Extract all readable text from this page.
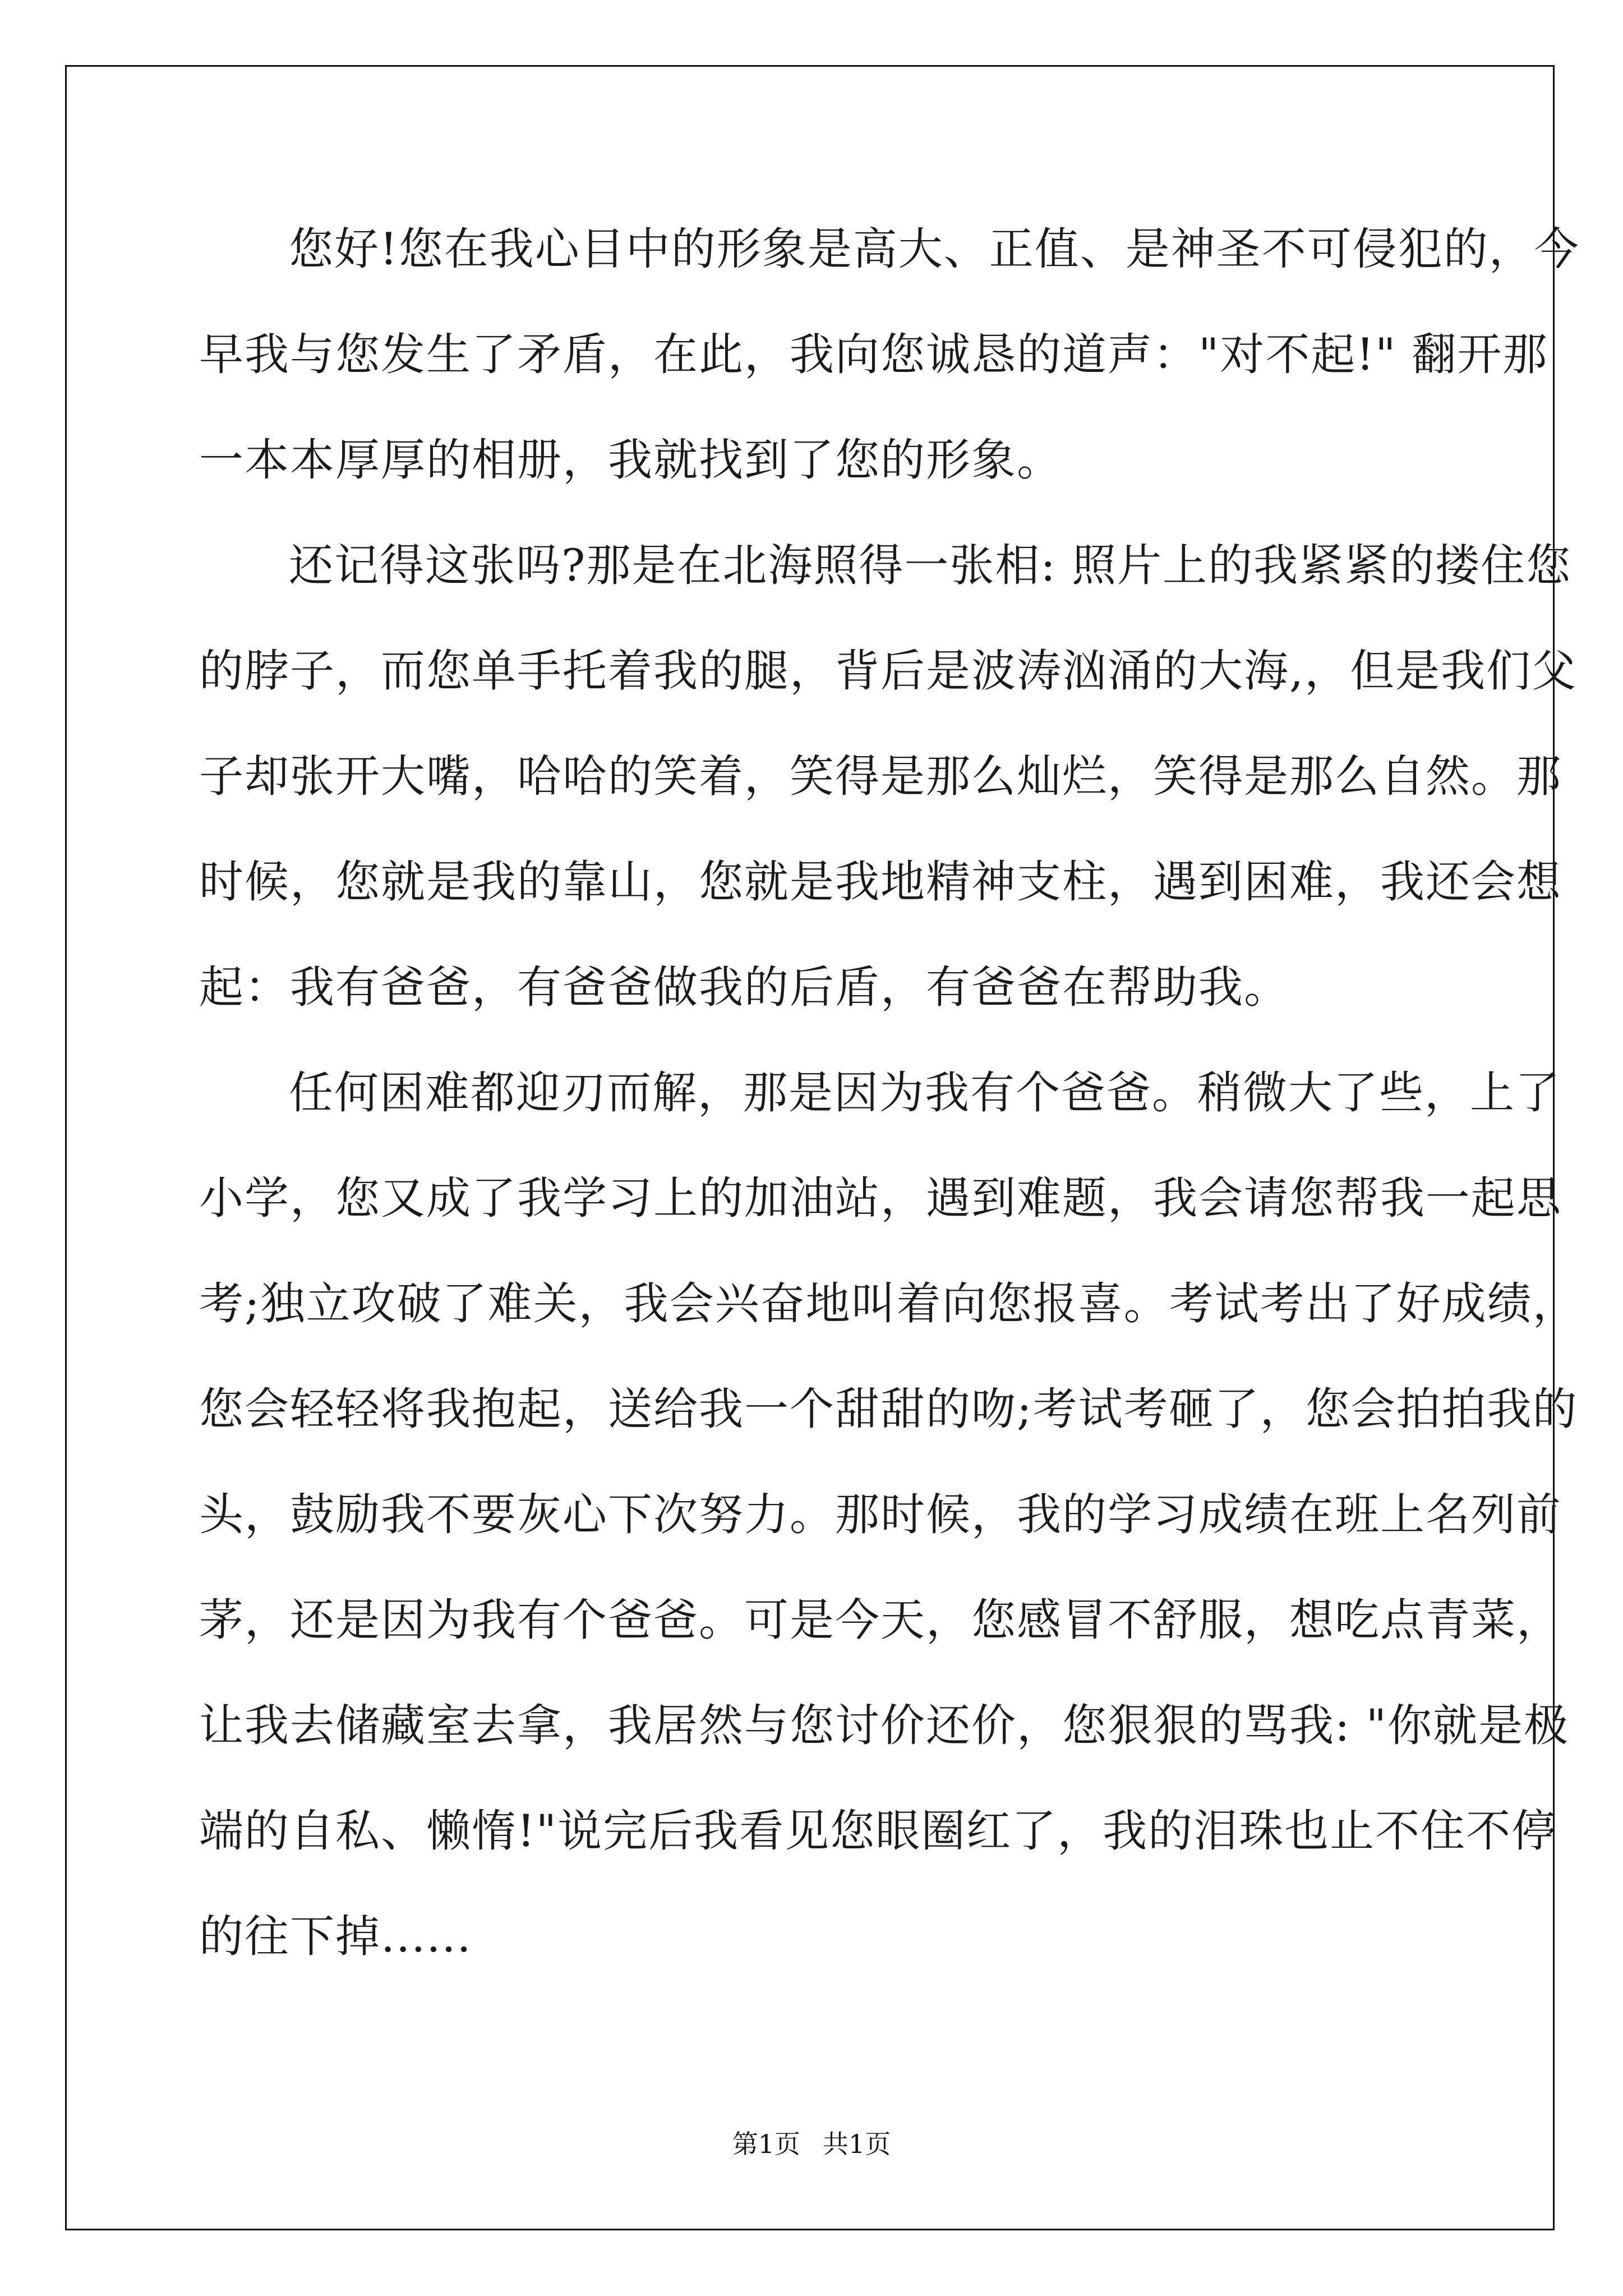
您好!您在我心目中的形象是高大、正值、是神圣不可侵犯的，今
早我与您发生了矛盾，在此，我向您诚恳的道声："对不起!" 翻开那
一本本厚厚的相册，我就找到了您的形象。

还记得这张吗?那是在北海照得一张相: 照片上的我紧紧的搂住您
的脖子，而您单手托着我的腿，背后是波涛汹涌的大海,，但是我们父
子却张开大嘴，哈哈的笑着，笑得是那么灿烂，笑得是那么自然。那
时候，您就是我的靠山，您就是我地精神支柱，遇到困难，我还会想
起：我有爸爸，有爸爸做我的后盾，有爸爸在帮助我。

任何困难都迎刃而解，那是因为我有个爸爸。稍微大了些，上了
小学，您又成了我学习上的加油站，遇到难题，我会请您帮我一起思
考;独立攻破了难关，我会兴奋地叫着向您报喜。考试考出了好成绩，
您会轻轻将我抱起，送给我一个甜甜的吻;考试考砸了，您会拍拍我的
头，鼓励我不要灰心下次努力。那时候，我的学习成绩在班上名列前
茅，还是因为我有个爸爸。可是今天，您感冒不舒服，想吃点青菜，
让我去储藏室去拿，我居然与您讨价还价，您狠狠的骂我: "你就是极
端的自私、懒惰!"说完后我看见您眼圈红了，我的泪珠也止不住不停
的往下掉......

第1页 共1页
